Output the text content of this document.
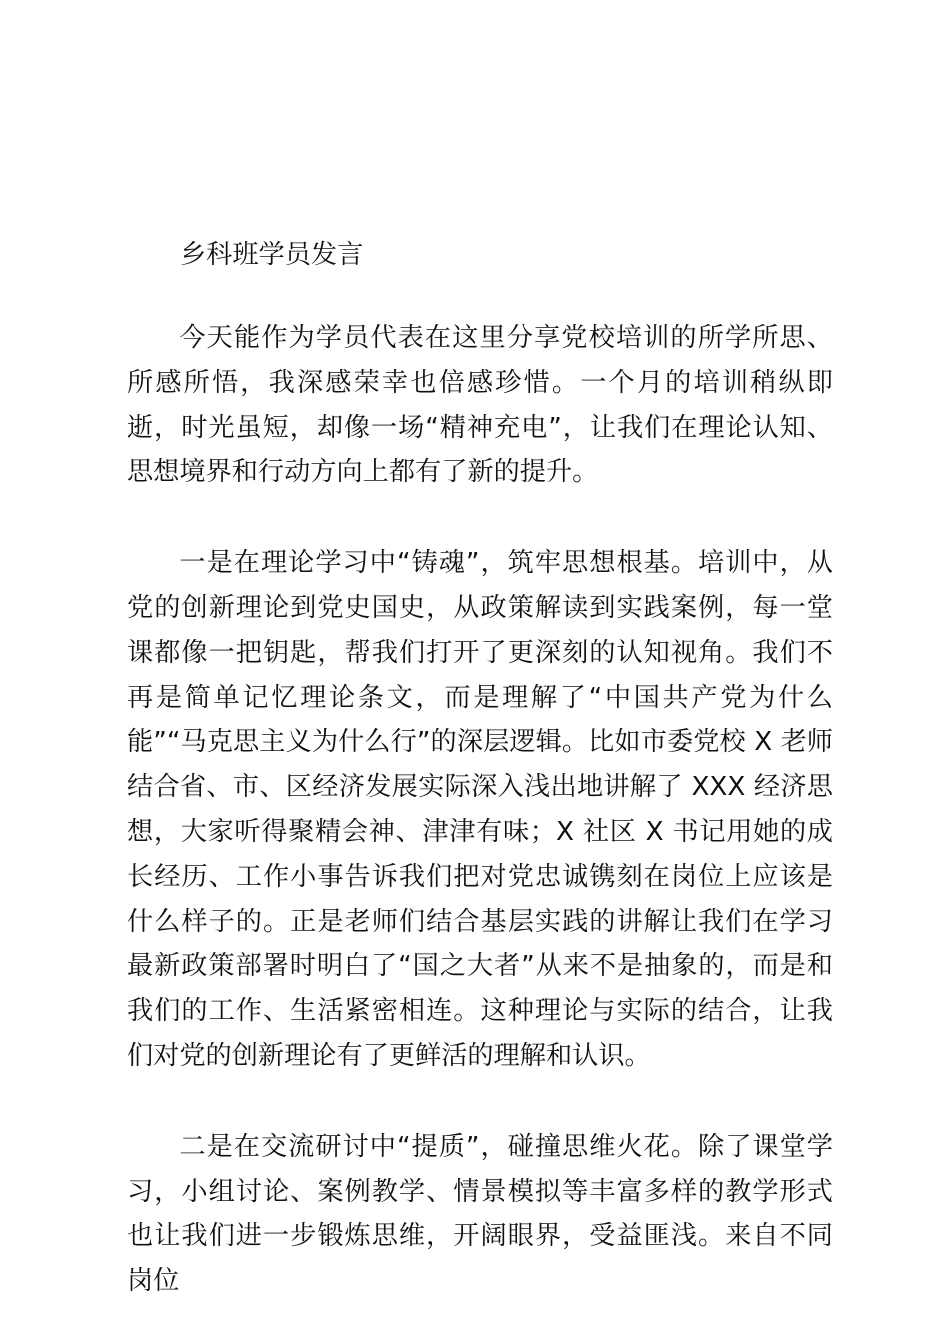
乡科班学员发言

今天能作为学员代表在这里分享党校培训的所学所思、所感所悟，我深感荣幸也倍感珍惜。一个月的培训稍纵即逝，时光虽短，却像一场“精神充电”，让我们在理论认知、思想境界和行动方向上都有了新的提升。

一是在理论学习中“铸魂”，筑牢思想根基。培训中，从党的创新理论到党史国史，从政策解读到实践案例，每一堂课都像一把钥匙，帮我们打开了更深刻的认知视角。我们不再是简单记忆理论条文，而是理解了“中国共产党为什么能”“马克思主义为什么行”的深层逻辑。比如市委党校 X 老师结合省、市、区经济发展实际深入浅出地讲解了 XXX 经济思想，大家听得聚精会神、津津有味；X 社区 X 书记用她的成长经历、工作小事告诉我们把对党忠诚镌刻在岗位上应该是什么样子的。正是老师们结合基层实践的讲解让我们在学习最新政策部署时明白了“国之大者”从来不是抽象的，而是和我们的工作、生活紧密相连。这种理论与实际的结合，让我们对党的创新理论有了更鲜活的理解和认识。

二是在交流研讨中“提质”，碰撞思维火花。除了课堂学习，小组讨论、案例教学、情景模拟等丰富多样的教学形式也让我们进一步锻炼思维，开阔眼界，受益匪浅。来自不同岗位
